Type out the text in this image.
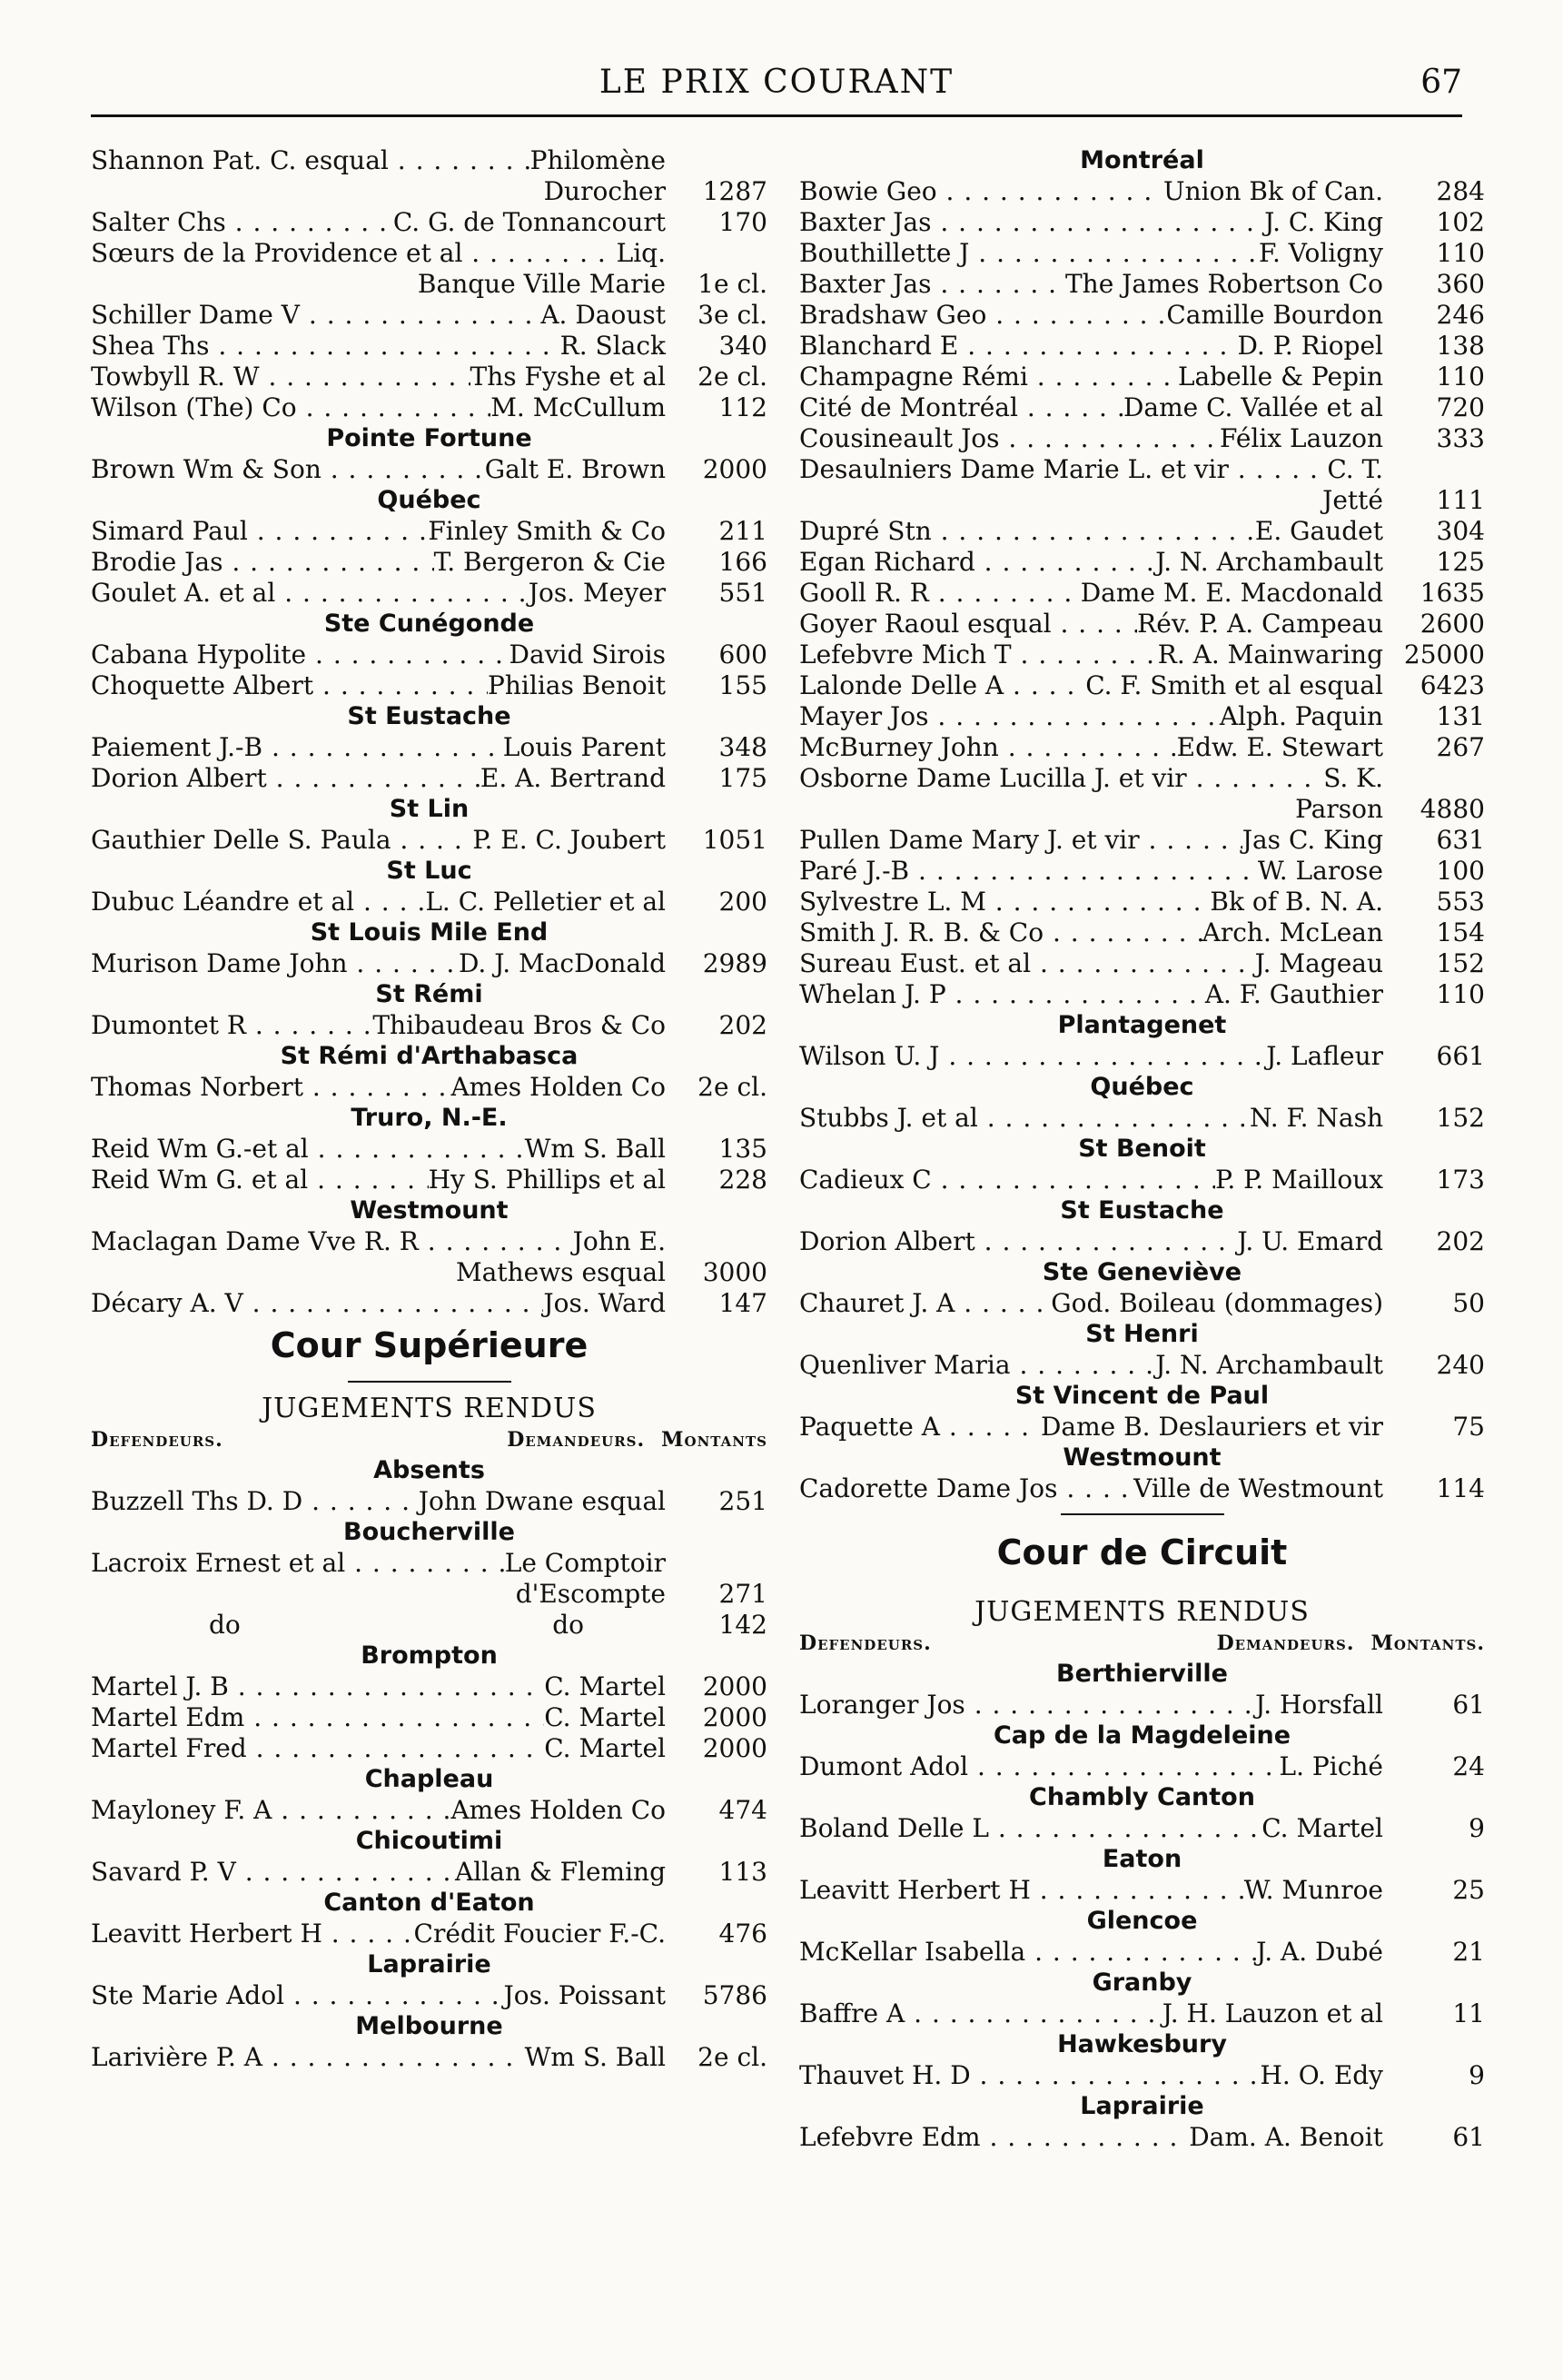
LE PRIX COURANT	67
Shannon Pat. C. esqual . . .	Philomène
Durocher	1287
Salter Chs . . .	C. G. de Tonnancourt	170
Sœurs de la Providence et al . . .	Liq.
Banque Ville Marie	1e cl.
Schiller Dame V . . .	A. Daoust	3e cl.
Shea Ths . . .	R. Slack	340
Towbyll R. W . . .	Ths Fyshe et al	2e cl.
Wilson (The) Co . . .	M. McCullum	112
Pointe Fortune
Brown Wm & Son . . .	Galt E. Brown	2000
Québec
Simard Paul . . .	Finley Smith & Co	211
Brodie Jas . . .	T. Bergeron & Cie	166
Goulet A. et al . . .	Jos. Meyer	551
Ste Cunégonde
Cabana Hypolite . . .	David Sirois	600
Choquette Albert . . .	Philias Benoit	155
St Eustache
Paiement J.-B . . .	Louis Parent	348
Dorion Albert . . .	E. A. Bertrand	175
St Lin
Gauthier Delle S. Paula . . .	P. E. C. Joubert	1051
St Luc
Dubuc Léandre et al . . .	L. C. Pelletier et al	200
St Louis Mile End
Murison Dame John . . .	D. J. MacDonald	2989
St Rémi
Dumontet R . . .	Thibaudeau Bros & Co	202
St Rémi d'Arthabasca
Thomas Norbert . . .	Ames Holden Co	2e cl.
Truro, N.-E.
Reid Wm G.-et al . . .	Wm S. Ball	135
Reid Wm G. et al . . .	Hy S. Phillips et al	228
Westmount
Maclagan Dame Vve R. R . . .	John E.
Mathews esqual	3000
Décary A. V . . .	Jos. Ward	147
Cour Supérieure
JUGEMENTS RENDUS
Defendeurs.	Demandeurs. Montants
Absents
Buzzell Ths D. D . . .	John Dwane esqual	251
Boucherville
Lacroix Ernest et al . . .	Le Comptoir
d'Escompte	271
do	do	142
Brompton
Martel J. B . . .	C. Martel	2000
Martel Edm . . .	C. Martel	2000
Martel Fred . . .	C. Martel	2000
Chapleau
Mayloney F. A . . .	Ames Holden Co	474
Chicoutimi
Savard P. V . . .	Allan & Fleming	113
Canton d'Eaton
Leavitt Herbert H . . .	Crédit Foucier F.-C.	476
Laprairie
Ste Marie Adol . . .	Jos. Poissant	5786
Melbourne
Larivière P. A . . .	Wm S. Ball	2e cl.
Montréal
Bowie Geo . . .	Union Bk of Can.	284
Baxter Jas . . .	J. C. King	102
Bouthillette J . . .	F. Voligny	110
Baxter Jas . . .	The James Robertson Co	360
Bradshaw Geo . . .	Camille Bourdon	246
Blanchard E . . .	D. P. Riopel	138
Champagne Rémi . . .	Labelle & Pepin	110
Cité de Montréal . . .	Dame C. Vallée et al	720
Cousineault Jos . . .	Félix Lauzon	333
Desaulniers Dame Marie L. et vir . . .	C. T.
Jetté	111
Dupré Stn . . .	E. Gaudet	304
Egan Richard . . .	J. N. Archambault	125
Gooll R. R . . .	Dame M. E. Macdonald	1635
Goyer Raoul esqual . . .	Rév. P. A. Campeau	2600
Lefebvre Mich T . . .	R. A. Mainwaring 25000
Lalonde Delle A . . .	C. F. Smith et al esqual	6423
Mayer Jos . . .	Alph. Paquin	131
McBurney John . . .	Edw. E. Stewart	267
Osborne Dame Lucilla J. et vir . . .	S. K.
Parson	4880
Pullen Dame Mary J. et vir . . .	Jas C. King	631
Paré J.-B . . .	W. Larose	100
Sylvestre L. M . . .	Bk of B. N. A.	553
Smith J. R. B. & Co . . .	Arch. McLean	154
Sureau Eust. et al . . .	J. Mageau	152
Whelan J. P . . .	A. F. Gauthier	110
Plantagenet
Wilson U. J . . .	J. Lafleur	661
Québec
Stubbs J. et al . . .	N. F. Nash	152
St Benoit
Cadieux C . . .	P. P. Mailloux	173
St Eustache
Dorion Albert . . .	J. U. Emard	202
Ste Geneviève
Chauret J. A . . .	God. Boileau (dommages)	50
St Henri
Quenliver Maria . . .	J. N. Archambault	240
St Vincent de Paul
Paquette A . . .	Dame B. Deslauriers et vir	75
Westmount
Cadorette Dame Jos . . .	Ville de Westmount	114
Cour de Circuit
JUGEMENTS RENDUS
Defendeurs.	Demandeurs. Montants.
Berthierville
Loranger Jos . . .	J. Horsfall	61
Cap de la Magdeleine
Dumont Adol . . .	L. Piché	24
Chambly Canton
Boland Delle L . . .	C. Martel	9
Eaton
Leavitt Herbert H . . .	W. Munroe	25
Glencoe
McKellar Isabella . . .	J. A. Dubé	21
Granby
Baffre A . . .	J. H. Lauzon et al	11
Hawkesbury
Thauvet H. D . . .	H. O. Edy	9
Laprairie
Lefebvre Edm . . .	Dam. A. Benoit	61
